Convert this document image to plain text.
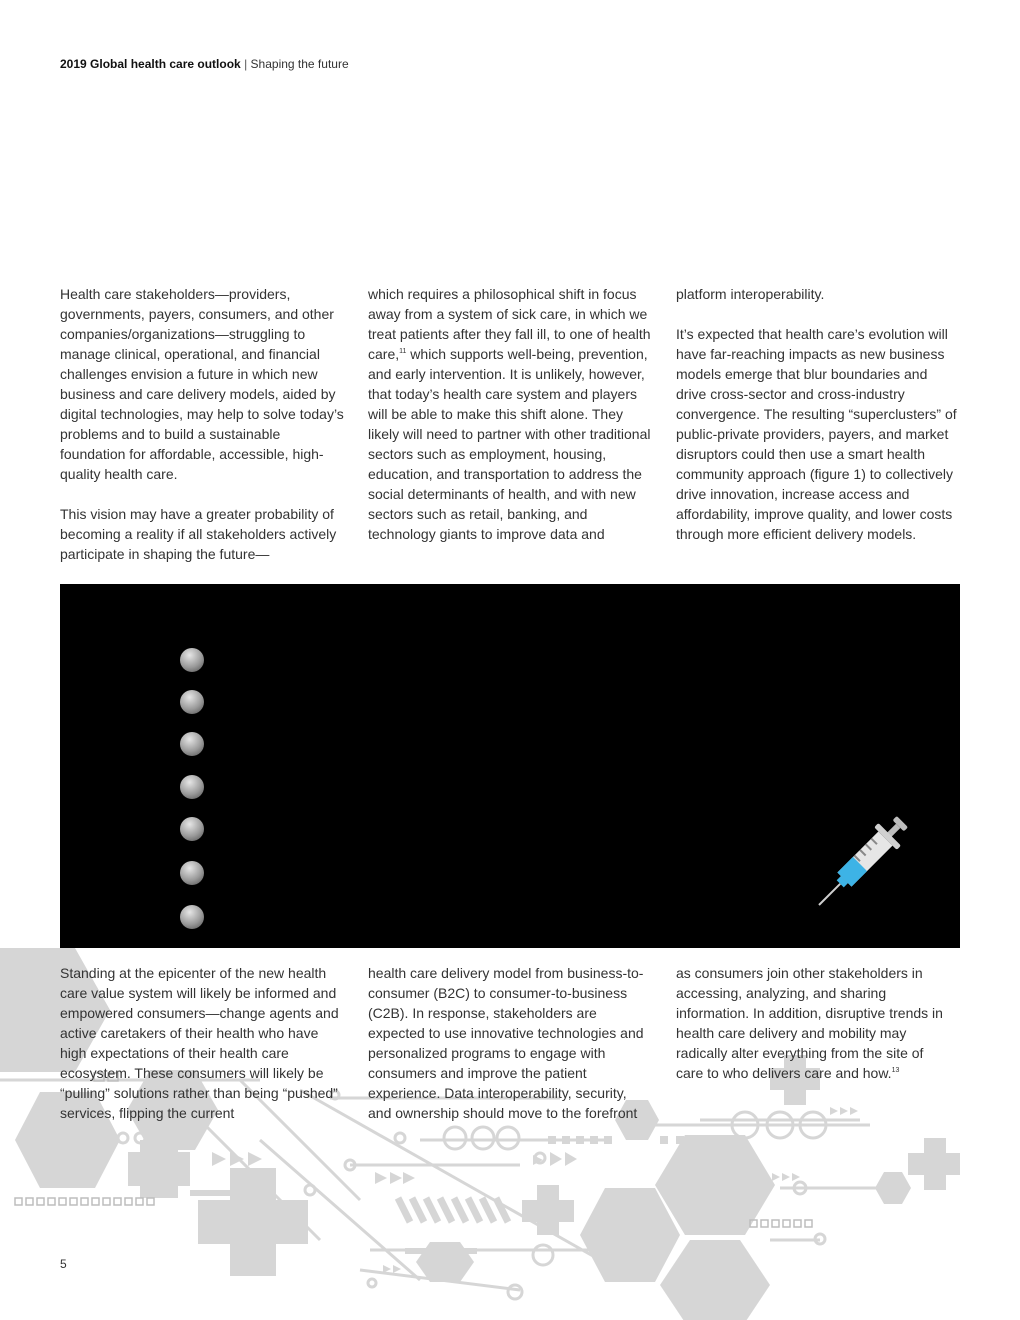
2019 Global health care outlook | Shaping the future

Health care stakeholders—providers, governments, payers, consumers, and other companies/organizations—struggling to manage clinical, operational, and financial challenges envision a future in which new business and care delivery models, aided by digital technologies, may help to solve today’s problems and to build a sustainable foundation for affordable, accessible, high-quality health care.

This vision may have a greater probability of becoming a reality if all stakeholders actively participate in shaping the future—

which requires a philosophical shift in focus away from a system of sick care, in which we treat patients after they fall ill, to one of health care,$^{11}$ which supports well-being, prevention, and early intervention. It is unlikely, however, that today’s health care system and players will be able to make this shift alone. They likely will need to partner with other traditional sectors such as employment, housing, education, and transportation to address the social determinants of health, and with new sectors such as retail, banking, and technology giants to improve data and

platform interoperability.

It’s expected that health care’s evolution will have far-reaching impacts as new business models emerge that blur boundaries and drive cross-sector and cross-industry convergence. The resulting “superclusters” of public-private providers, payers, and market disruptors could then use a smart health community approach (figure 1) to collectively drive innovation, increase access and affordability, improve quality, and lower costs through more efficient delivery models.

Standing at the epicenter of the new health care value system will likely be informed and empowered consumers—change agents and active caretakers of their health who have high expectations of their health care ecosystem. These consumers will likely be “pulling” solutions rather than being “pushed” services, flipping the current

health care delivery model from business-to-consumer (B2C) to consumer-to-business (C2B). In response, stakeholders are expected to use innovative technologies and personalized programs to engage with consumers and improve the patient experience. Data interoperability, security, and ownership should move to the forefront

as consumers join other stakeholders in accessing, analyzing, and sharing information. In addition, disruptive trends in health care delivery and mobility may radically alter everything from the site of care to who delivers care and how.$^{13}$

5
